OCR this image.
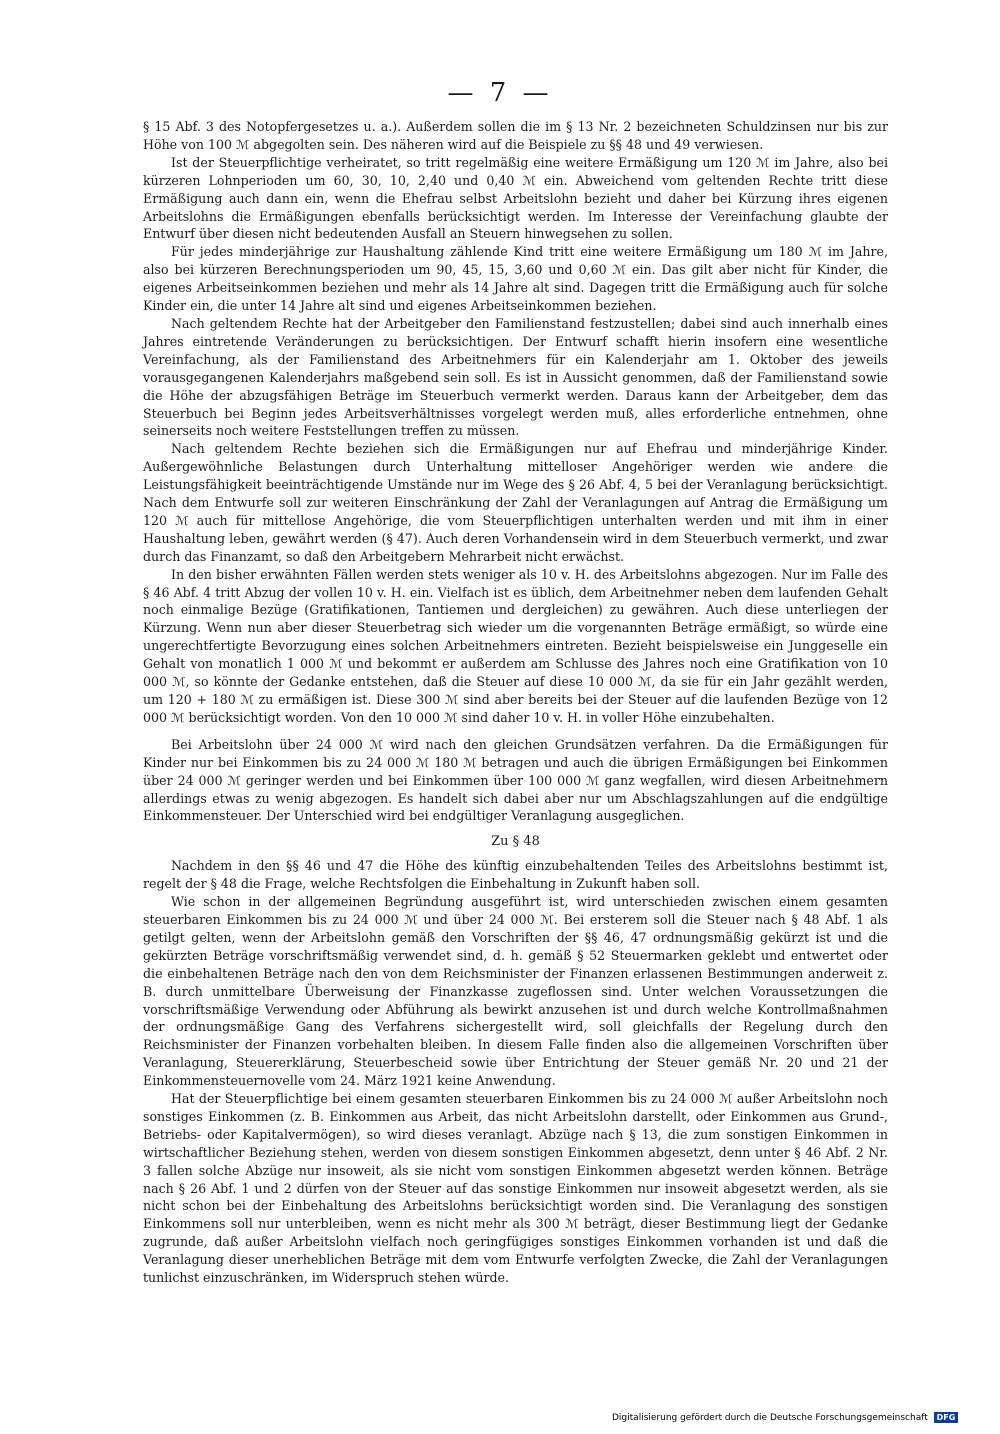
— 7 —

§ 15 Abf. 3 des Notopfergesetzes u. a.). Außerdem sollen die im § 13 Nr. 2 bezeichneten Schuldzinsen nur bis zur Höhe von 100 ℳ abgegolten sein. Des näheren wird auf die Beispiele zu §§ 48 und 49 verwiesen.

Ist der Steuerpflichtige verheiratet, so tritt regelmäßig eine weitere Ermäßigung um 120 ℳ im Jahre, also bei kürzeren Lohnperioden um 60, 30, 10, 2,40 und 0,40 ℳ ein. Abweichend vom geltenden Rechte tritt diese Ermäßigung auch dann ein, wenn die Ehefrau selbst Arbeitslohn bezieht und daher bei Kürzung ihres eigenen Arbeitslohns die Ermäßigungen ebenfalls berücksichtigt werden. Im Interesse der Vereinfachung glaubte der Entwurf über diesen nicht bedeutenden Ausfall an Steuern hinwegsehen zu sollen.

Für jedes minderjährige zur Haushaltung zählende Kind tritt eine weitere Ermäßigung um 180 ℳ im Jahre, also bei kürzeren Berechnungsperioden um 90, 45, 15, 3,60 und 0,60 ℳ ein. Das gilt aber nicht für Kinder, die eigenes Arbeitseinkommen beziehen und mehr als 14 Jahre alt sind. Dagegen tritt die Ermäßigung auch für solche Kinder ein, die unter 14 Jahre alt sind und eigenes Arbeitseinkommen beziehen.

Nach geltendem Rechte hat der Arbeitgeber den Familienstand festzustellen; dabei sind auch innerhalb eines Jahres eintretende Veränderungen zu berücksichtigen. Der Entwurf schafft hierin insofern eine wesentliche Vereinfachung, als der Familienstand des Arbeitnehmers für ein Kalenderjahr am 1. Oktober des jeweils vorausgegangenen Kalenderjahrs maßgebend sein soll. Es ist in Aussicht genommen, daß der Familienstand sowie die Höhe der abzugsfähigen Beträge im Steuerbuch vermerkt werden. Daraus kann der Arbeitgeber, dem das Steuerbuch bei Beginn jedes Arbeitsverhältnisses vorgelegt werden muß, alles erforderliche entnehmen, ohne seinerseits noch weitere Feststellungen treffen zu müssen.

Nach geltendem Rechte beziehen sich die Ermäßigungen nur auf Ehefrau und minderjährige Kinder. Außergewöhnliche Belastungen durch Unterhaltung mittelloser Angehöriger werden wie andere die Leistungsfähigkeit beeinträchtigende Umstände nur im Wege des § 26 Abf. 4, 5 bei der Veranlagung berücksichtigt. Nach dem Entwurfe soll zur weiteren Einschränkung der Zahl der Veranlagungen auf Antrag die Ermäßigung um 120 ℳ auch für mittellose Angehörige, die vom Steuerpflichtigen unterhalten werden und mit ihm in einer Haushaltung leben, gewährt werden (§ 47). Auch deren Vorhandensein wird in dem Steuerbuch vermerkt, und zwar durch das Finanzamt, so daß den Arbeitgebern Mehrarbeit nicht erwächst.

In den bisher erwähnten Fällen werden stets weniger als 10 v. H. des Arbeitslohns abgezogen. Nur im Falle des § 46 Abf. 4 tritt Abzug der vollen 10 v. H. ein. Vielfach ist es üblich, dem Arbeitnehmer neben dem laufenden Gehalt noch einmalige Bezüge (Gratifikationen, Tantiemen und dergleichen) zu gewähren. Auch diese unterliegen der Kürzung. Wenn nun aber dieser Steuerbetrag sich wieder um die vorgenannten Beträge ermäßigt, so würde eine ungerechtfertigte Bevorzugung eines solchen Arbeitnehmers eintreten. Bezieht beispielsweise ein Junggeselle ein Gehalt von monatlich 1 000 ℳ und bekommt er außerdem am Schlusse des Jahres noch eine Gratifikation von 10 000 ℳ, so könnte der Gedanke entstehen, daß die Steuer auf diese 10 000 ℳ, da sie für ein Jahr gezählt werden, um 120 + 180 ℳ zu ermäßigen ist. Diese 300 ℳ sind aber bereits bei der Steuer auf die laufenden Bezüge von 12 000 ℳ berücksichtigt worden. Von den 10 000 ℳ sind daher 10 v. H. in voller Höhe einzubehalten.

Bei Arbeitslohn über 24 000 ℳ wird nach den gleichen Grundsätzen verfahren. Da die Ermäßigungen für Kinder nur bei Einkommen bis zu 24 000 ℳ 180 ℳ betragen und auch die übrigen Ermäßigungen bei Einkommen über 24 000 ℳ geringer werden und bei Einkommen über 100 000 ℳ ganz wegfallen, wird diesen Arbeitnehmern allerdings etwas zu wenig abgezogen. Es handelt sich dabei aber nur um Abschlagszahlungen auf die endgültige Einkommensteuer. Der Unterschied wird bei endgültiger Veranlagung ausgeglichen.

Zu § 48

Nachdem in den §§ 46 und 47 die Höhe des künftig einzubehaltenden Teiles des Arbeitslohns bestimmt ist, regelt der § 48 die Frage, welche Rechtsfolgen die Einbehaltung in Zukunft haben soll.

Wie schon in der allgemeinen Begründung ausgeführt ist, wird unterschieden zwischen einem gesamten steuerbaren Einkommen bis zu 24 000 ℳ und über 24 000 ℳ. Bei ersterem soll die Steuer nach § 48 Abf. 1 als getilgt gelten, wenn der Arbeitslohn gemäß den Vorschriften der §§ 46, 47 ordnungsmäßig gekürzt ist und die gekürzten Beträge vorschriftsmäßig verwendet sind, d. h. gemäß § 52 Steuermarken geklebt und entwertet oder die einbehaltenen Beträge nach den von dem Reichsminister der Finanzen erlassenen Bestimmungen anderweit z. B. durch unmittelbare Überweisung der Finanzkasse zugeflossen sind. Unter welchen Voraussetzungen die vorschriftsmäßige Verwendung oder Abführung als bewirkt anzusehen ist und durch welche Kontrollmaßnahmen der ordnungsmäßige Gang des Verfahrens sichergestellt wird, soll gleichfalls der Regelung durch den Reichsminister der Finanzen vorbehalten bleiben. In diesem Falle finden also die allgemeinen Vorschriften über Veranlagung, Steuererklärung, Steuerbescheid sowie über Entrichtung der Steuer gemäß Nr. 20 und 21 der Einkommensteuernovelle vom 24. März 1921 keine Anwendung.

Hat der Steuerpflichtige bei einem gesamten steuerbaren Einkommen bis zu 24 000 ℳ außer Arbeitslohn noch sonstiges Einkommen (z. B. Einkommen aus Arbeit, das nicht Arbeitslohn darstellt, oder Einkommen aus Grund-, Betriebs- oder Kapitalvermögen), so wird dieses veranlagt. Abzüge nach § 13, die zum sonstigen Einkommen in wirtschaftlicher Beziehung stehen, werden von diesem sonstigen Einkommen abgesetzt, denn unter § 46 Abf. 2 Nr. 3 fallen solche Abzüge nur insoweit, als sie nicht vom sonstigen Einkommen abgesetzt werden können. Beträge nach § 26 Abf. 1 und 2 dürfen von der Steuer auf das sonstige Einkommen nur insoweit abgesetzt werden, als sie nicht schon bei der Einbehaltung des Arbeitslohns berücksichtigt worden sind. Die Veranlagung des sonstigen Einkommens soll nur unterbleiben, wenn es nicht mehr als 300 ℳ beträgt, dieser Bestimmung liegt der Gedanke zugrunde, daß außer Arbeitslohn vielfach noch geringfügiges sonstiges Einkommen vorhanden ist und daß die Veranlagung dieser unerheblichen Beträge mit dem vom Entwurfe verfolgten Zwecke, die Zahl der Veranlagungen tunlichst einzuschränken, im Widerspruch stehen würde.

Digitalisierung gefördert durch die Deutsche Forschungsgemeinschaft DFG
